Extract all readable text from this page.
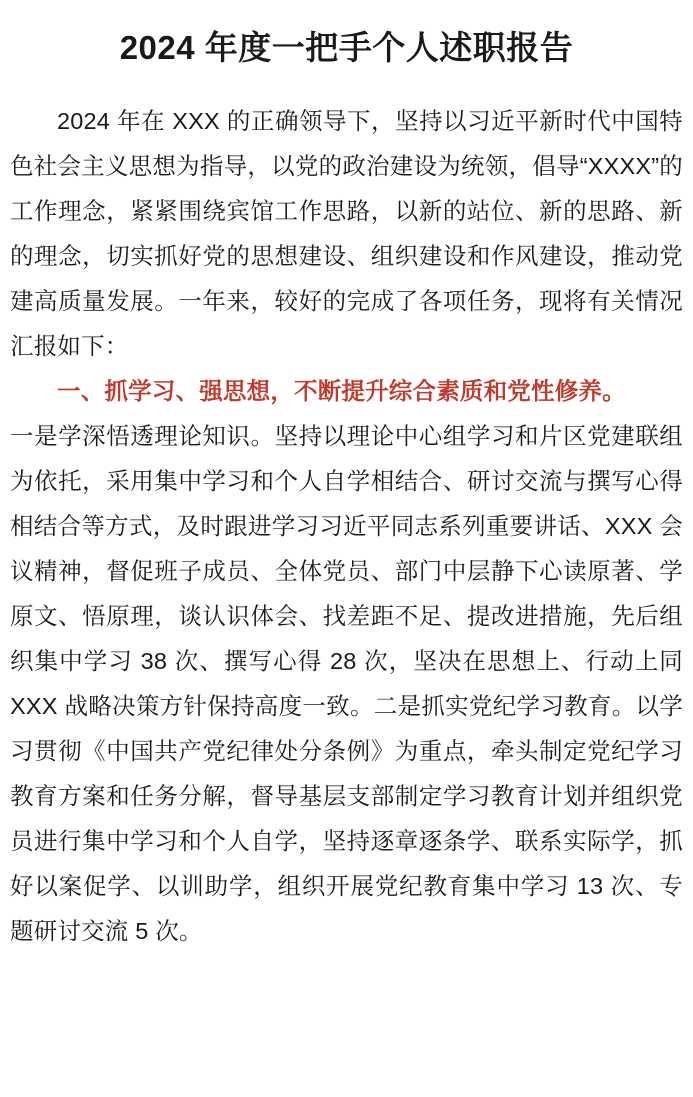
2024 年度一把手个人述职报告

2024 年在 XXX 的正确领导下，坚持以习近平新时代中国特色社会主义思想为指导，以党的政治建设为统领，倡导“XXXX”的工作理念，紧紧围绕宾馆工作思路，以新的站位、新的思路、新的理念，切实抓好党的思想建设、组织建设和作风建设，推动党建高质量发展。一年来，较好的完成了各项任务，现将有关情况汇报如下：

一、抓学习、强思想，不断提升综合素质和党性修养。

一是学深悟透理论知识。坚持以理论中心组学习和片区党建联组为依托，采用集中学习和个人自学相结合、研讨交流与撰写心得相结合等方式，及时跟进学习习近平同志系列重要讲话、XXX 会议精神，督促班子成员、全体党员、部门中层静下心读原著、学原文、悟原理，谈认识体会、找差距不足、提改进措施，先后组织集中学习 38 次、撰写心得 28 次，坚决在思想上、行动上同 XXX 战略决策方针保持高度一致。二是抓实党纪学习教育。以学习贯彻《中国共产党纪律处分条例》为重点，牵头制定党纪学习教育方案和任务分解，督导基层支部制定学习教育计划并组织党员进行集中学习和个人自学，坚持逐章逐条学、联系实际学，抓好以案促学、以训助学，组织开展党纪教育集中学习 13 次、专题研讨交流 5 次。
